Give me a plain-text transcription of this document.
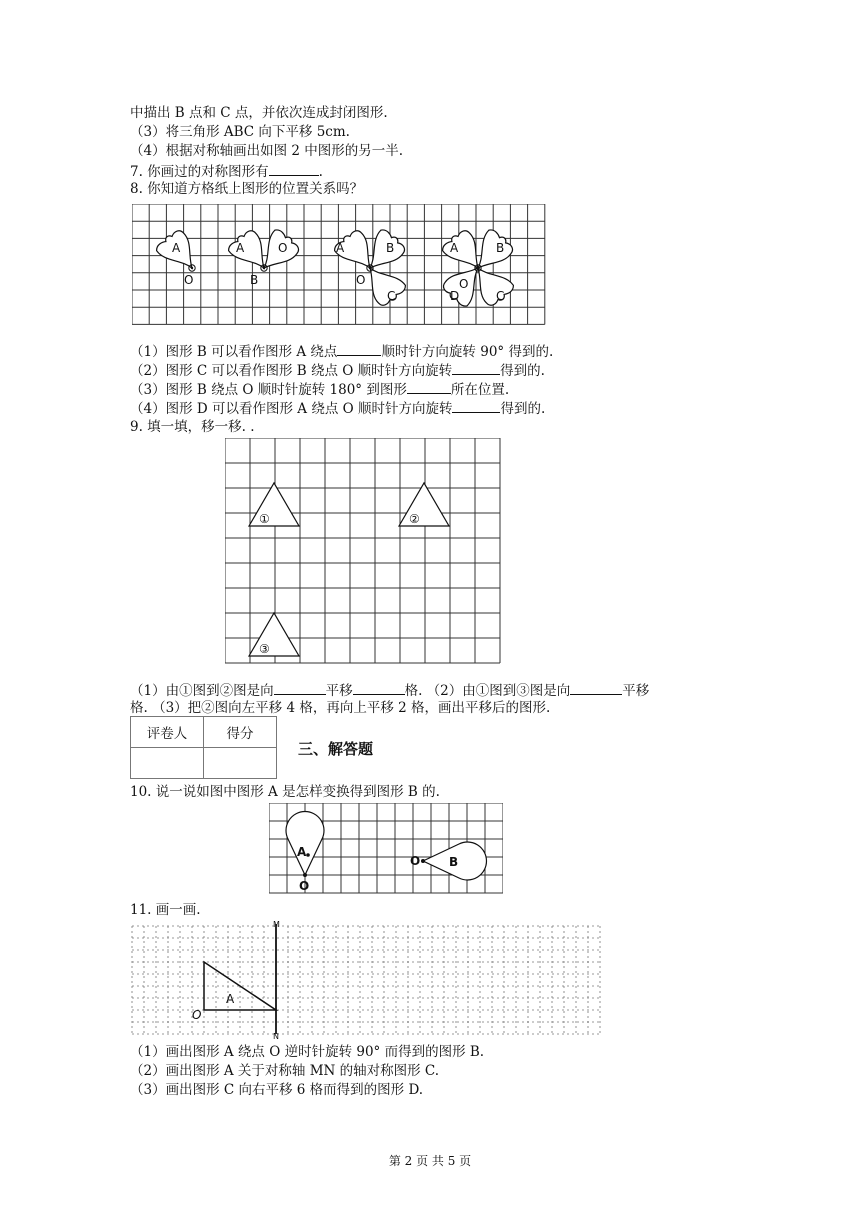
中描出 B 点和 C 点，并依次连成封闭图形.
（3）将三角形 ABC 向下平移 5cm.
（4）根据对称轴画出如图 2 中图形的另一半.
7. 你画过的对称图形有	.
8. 你知道方格纸上图形的位置关系吗？
A
O
A
B
O	A	B
O
C
A	B
O
D	C
（1）图形 B 可以看作图形 A 绕点	顺时针方向旋转 90° 得到的.
（2）图形 C 可以看作图形 B 绕点 O 顺时针方向旋转	得到的.
（3）图形 B 绕点 O 顺时针旋转 180° 到图形	所在位置.
（4）图形 D 可以看作图形 A 绕点 O 顺时针方向旋转	得到的.
9. 填一填，移一移. .
①	②
③
（1）由①图到②图是向	平移	格. （2）由①图到③图是向	平移
格. （3）把②图向左平移 4 格，再向上平移 2 格，画出平移后的图形.
评卷人	得分

三、解答题
10. 说一说如图中图形 A 是怎样变换得到图形 B 的.
A
O
O B
11. 画一画.
M
N
A
O
（1）画出图形 A 绕点 O 逆时针旋转 90° 而得到的图形 B.
（2）画出图形 A 关于对称轴 MN 的轴对称图形 C.
（3）画出图形 C 向右平移 6 格而得到的图形 D.
第 2 页 共 5 页
